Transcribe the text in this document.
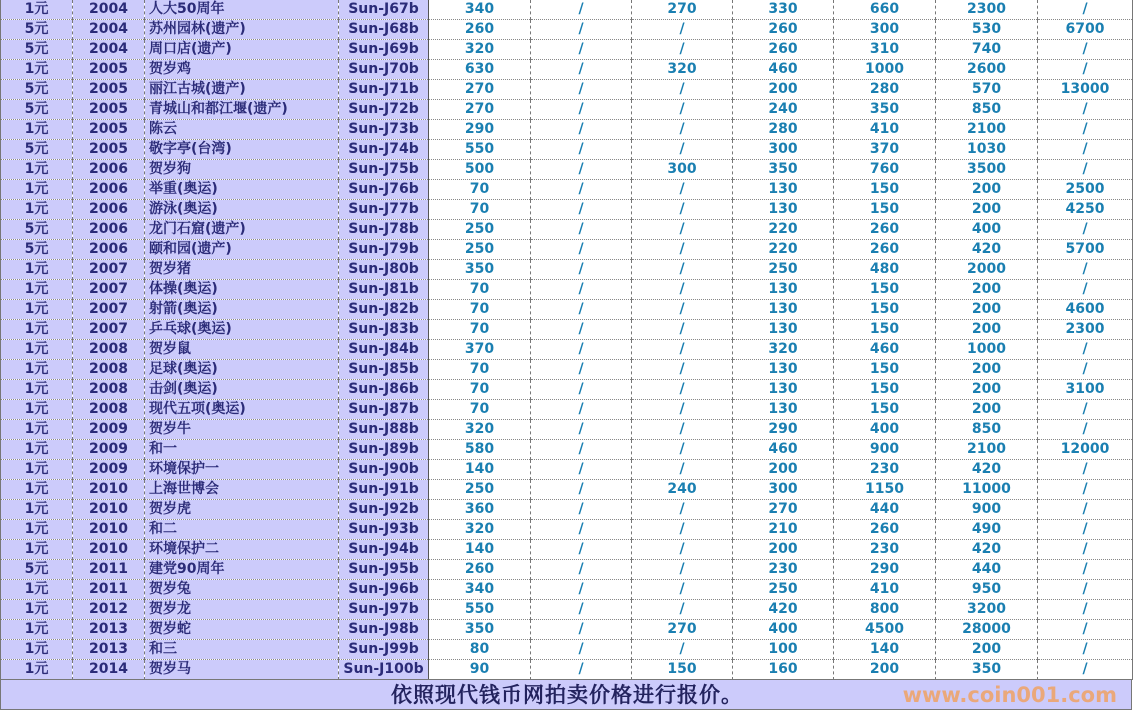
1元	2004	人大50周年	Sun-J67b	340	/	270	330	660	2300	/
5元	2004	苏州园林(遗产)	Sun-J68b	260	/	/	260	300	530	6700
5元	2004	周口店(遗产)	Sun-J69b	320	/	/	260	310	740	/
1元	2005	贺岁鸡	Sun-J70b	630	/	320	460	1000	2600	/
5元	2005	丽江古城(遗产)	Sun-J71b	270	/	/	200	280	570	13000
5元	2005	青城山和都江堰(遗产)	Sun-J72b	270	/	/	240	350	850	/
1元	2005	陈云	Sun-J73b	290	/	/	280	410	2100	/
5元	2005	敬字亭(台湾)	Sun-J74b	550	/	/	300	370	1030	/
1元	2006	贺岁狗	Sun-J75b	500	/	300	350	760	3500	/
1元	2006	举重(奥运)	Sun-J76b	70	/	/	130	150	200	2500
1元	2006	游泳(奥运)	Sun-J77b	70	/	/	130	150	200	4250
5元	2006	龙门石窟(遗产)	Sun-J78b	250	/	/	220	260	400	/
5元	2006	颐和园(遗产)	Sun-J79b	250	/	/	220	260	420	5700
1元	2007	贺岁猪	Sun-J80b	350	/	/	250	480	2000	/
1元	2007	体操(奥运)	Sun-J81b	70	/	/	130	150	200	/
1元	2007	射箭(奥运)	Sun-J82b	70	/	/	130	150	200	4600
1元	2007	乒乓球(奥运)	Sun-J83b	70	/	/	130	150	200	2300
1元	2008	贺岁鼠	Sun-J84b	370	/	/	320	460	1000	/
1元	2008	足球(奥运)	Sun-J85b	70	/	/	130	150	200	/
1元	2008	击剑(奥运)	Sun-J86b	70	/	/	130	150	200	3100
1元	2008	现代五项(奥运)	Sun-J87b	70	/	/	130	150	200	/
1元	2009	贺岁牛	Sun-J88b	320	/	/	290	400	850	/
1元	2009	和一	Sun-J89b	580	/	/	460	900	2100	12000
1元	2009	环境保护一	Sun-J90b	140	/	/	200	230	420	/
1元	2010	上海世博会	Sun-J91b	250	/	240	300	1150	11000	/
1元	2010	贺岁虎	Sun-J92b	360	/	/	270	440	900	/
1元	2010	和二	Sun-J93b	320	/	/	210	260	490	/
1元	2010	环境保护二	Sun-J94b	140	/	/	200	230	420	/
5元	2011	建党90周年	Sun-J95b	260	/	/	230	290	440	/
1元	2011	贺岁兔	Sun-J96b	340	/	/	250	410	950	/
1元	2012	贺岁龙	Sun-J97b	550	/	/	420	800	3200	/
1元	2013	贺岁蛇	Sun-J98b	350	/	270	400	4500	28000	/
1元	2013	和三	Sun-J99b	80	/	/	100	140	200	/
1元	2014	贺岁马	Sun-J100b	90	/	150	160	200	350	/
依照现代钱币网拍卖价格进行报价。	www.coin001.com
